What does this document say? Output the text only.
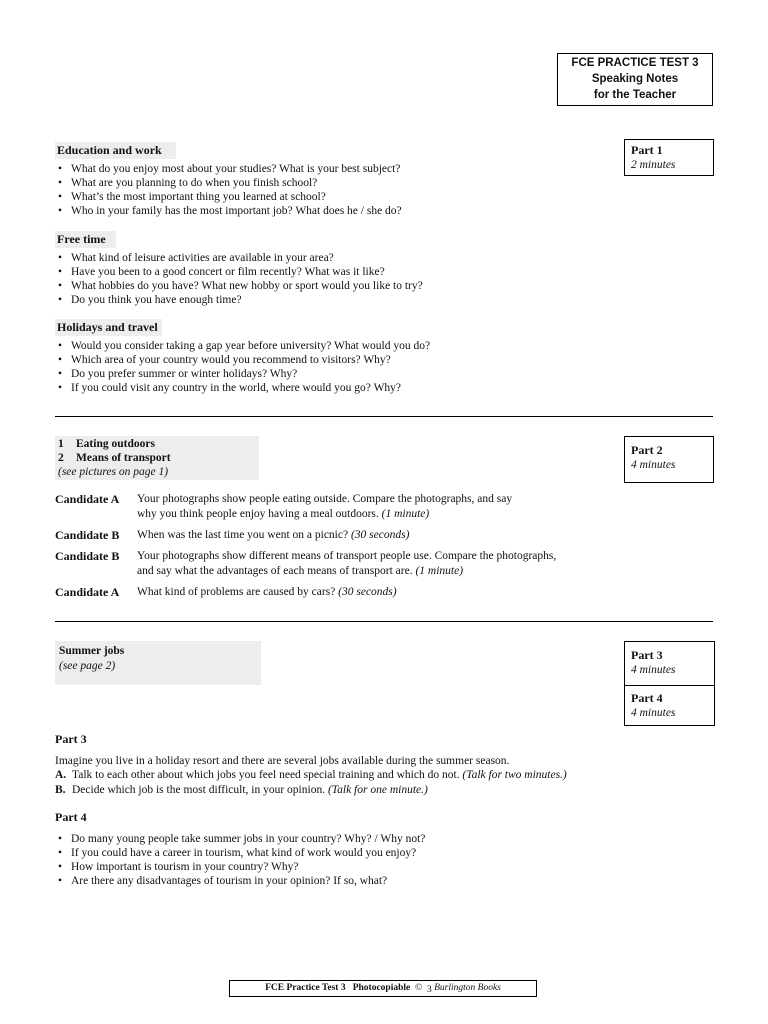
FCE PRACTICE TEST 3
Speaking Notes
for the Teacher
Part 1
2 minutes
Education and work
• What do you enjoy most about your studies? What is your best subject?
• What are you planning to do when you finish school?
• What’s the most important thing you learned at school?
• Who in your family has the most important job? What does he / she do?
Free time
• What kind of leisure activities are available in your area?
• Have you been to a good concert or film recently? What was it like?
• What hobbies do you have? What new hobby or sport would you like to try?
• Do you think you have enough time?
Holidays and travel
• Would you consider taking a gap year before university? What would you do?
• Which area of your country would you recommend to visitors? Why?
• Do you prefer summer or winter holidays? Why?
• If you could visit any country in the world, where would you go? Why?
1 Eating outdoors
2 Means of transport
(see pictures on page 1)
Part 2
4 minutes
Candidate A Your photographs show people eating outside. Compare the photographs, and say
why you think people enjoy having a meal outdoors. (1 minute)
Candidate B When was the last time you went on a picnic? (30 seconds)
Candidate B Your photographs show different means of transport people use. Compare the photographs,
and say what the advantages of each means of transport are. (1 minute)
Candidate A What kind of problems are caused by cars? (30 seconds)
Summer jobs
(see page 2)
Part 3
4 minutes
Part 4
4 minutes
Part 3
Imagine you live in a holiday resort and there are several jobs available during the summer season.
A. Talk to each other about which jobs you feel need special training and which do not. (Talk for two minutes.)
B. Decide which job is the most difficult, in your opinion. (Talk for one minute.)
Part 4
• Do many young people take summer jobs in your country? Why? / Why not?
• If you could have a career in tourism, what kind of work would you enjoy?
• How important is tourism in your country? Why?
• Are there any disadvantages of tourism in your opinion? If so, what?
FCE Practice Test 3 Photocopiable © 3 Burlington Books
